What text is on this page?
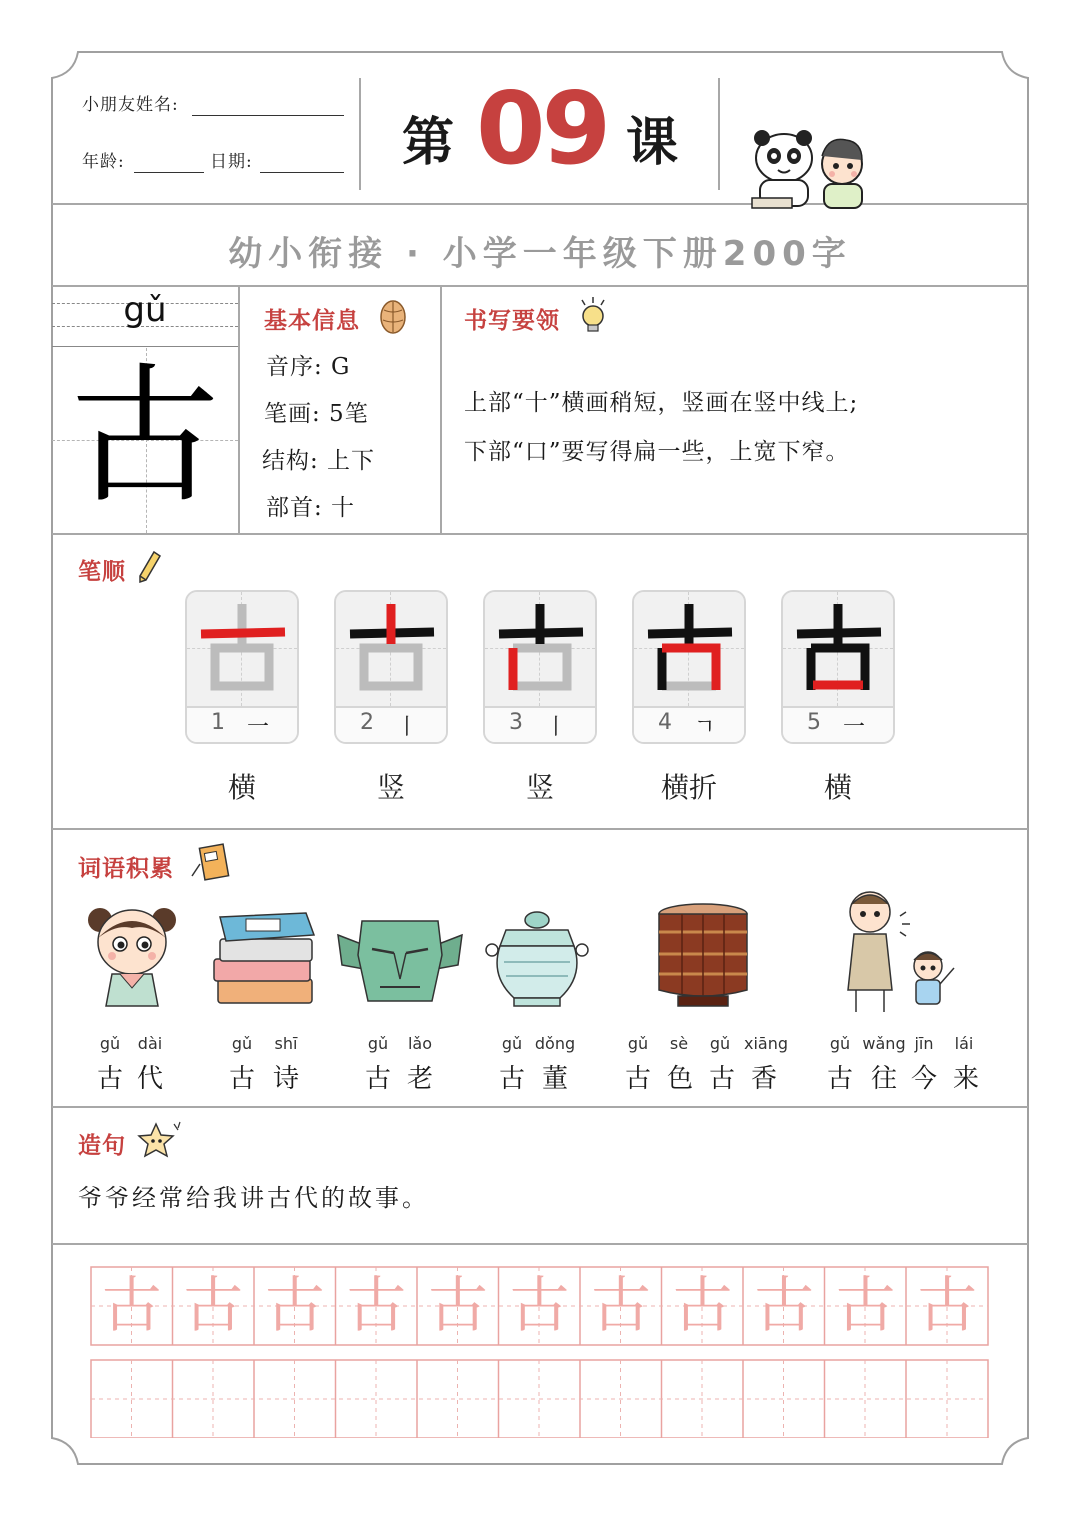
小朋友姓名:
年龄:	日期:	第 09 课
幼小衔接 · 小学一年级下册200字
gǔ
古
基本信息
音序: G
笔画: 5笔
结构: 上下
部首: 十
书写要领
上部“十”横画稍短，竖画在竖中线上;
下部“口”要写得扁一些，上宽下窄。
笔顺
1 一	2 丨	3 丨	4 ㄱ	5 一
横	竖	竖	横折	横
词语积累
gǔ	dài
古 代
gǔ	shī
古 诗
gǔ	lǎo
古 老
gǔ dǒng
古 董
gǔ	sè	gǔ xiāng
古 色 古 香
gǔ wǎng jīn	lái
古 往 今 来
造句
爷爷经常给我讲古代的故事。
古 古 古 古 古 古 古 古 古 古 古
